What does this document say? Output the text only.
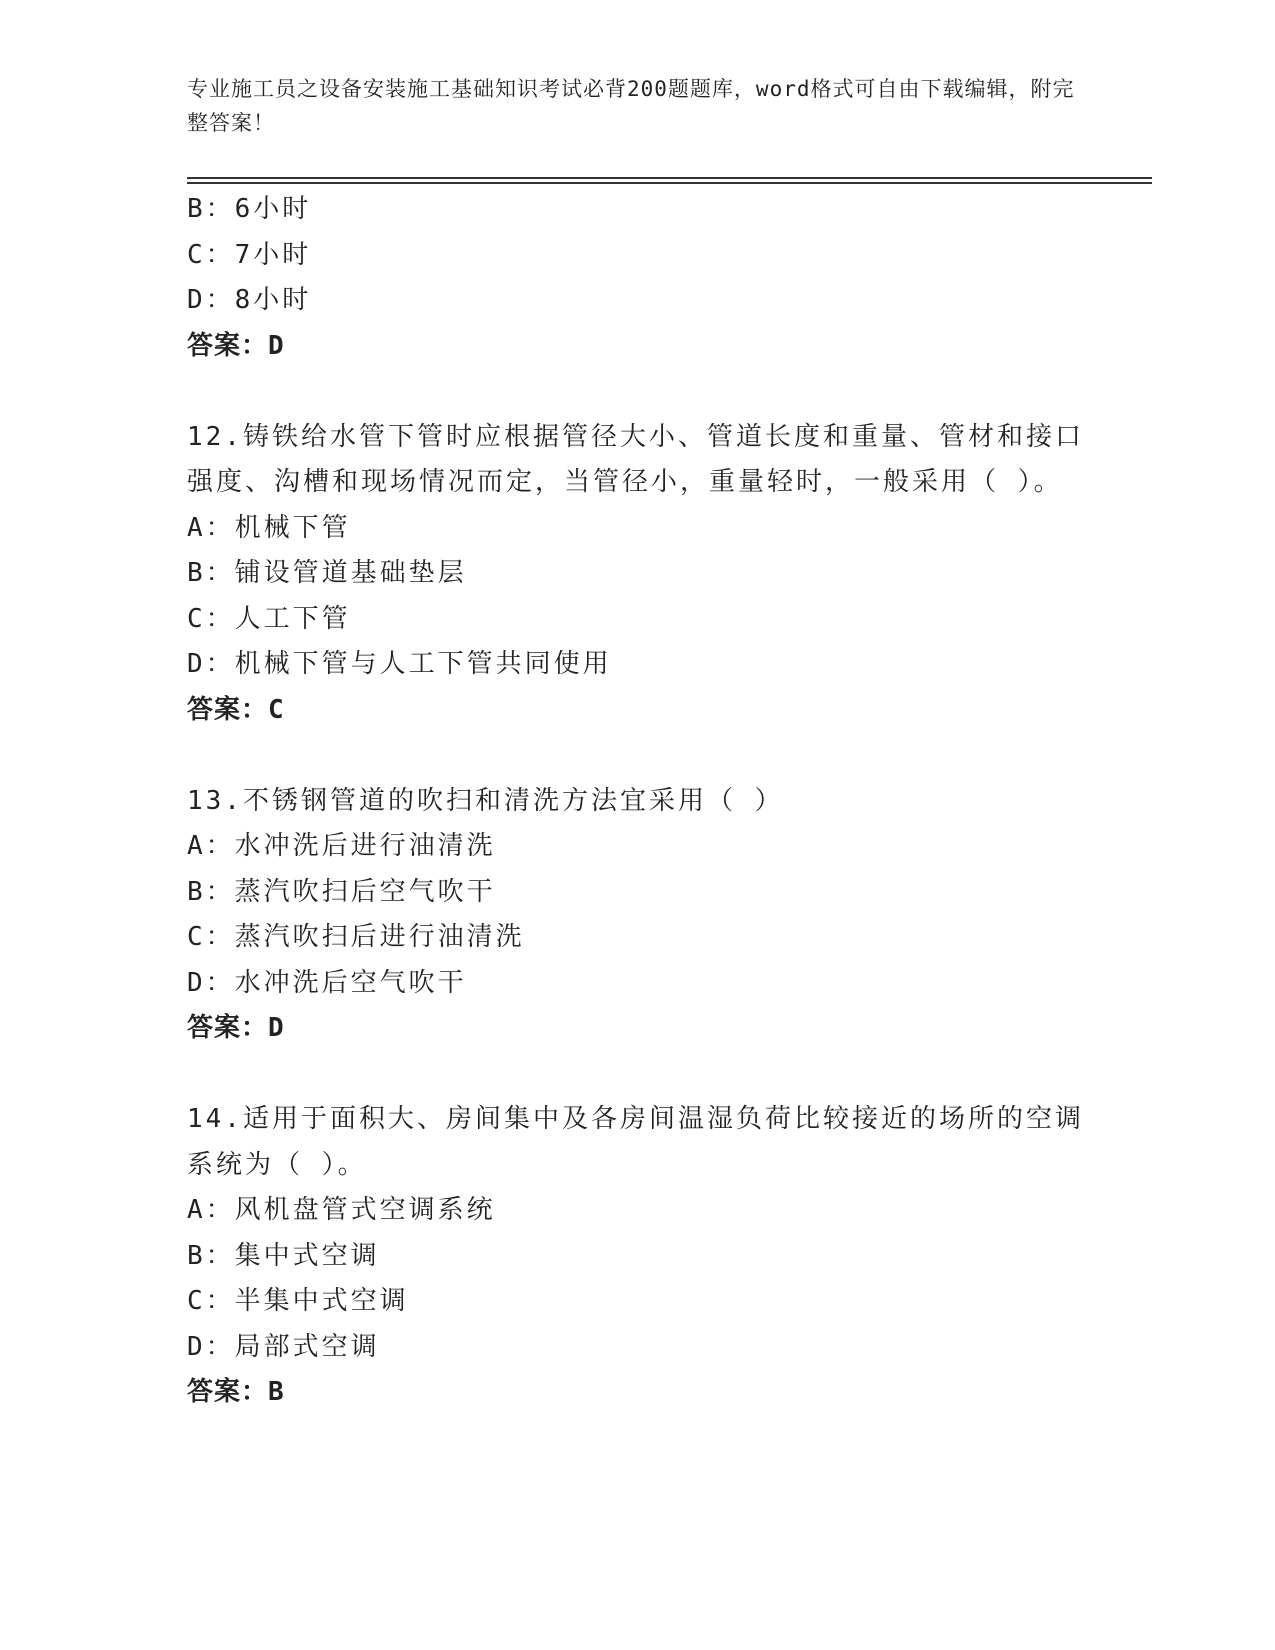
专业施工员之设备安装施工基础知识考试必背200题题库，word格式可自由下载编辑，附完整答案！
B：6小时
C：7小时
D：8小时
答案：D
12.铸铁给水管下管时应根据管径大小、管道长度和重量、管材和接口强度、沟槽和现场情况而定，当管径小，重量轻时，一般采用（ ）。
A：机械下管
B：铺设管道基础垫层
C：人工下管
D：机械下管与人工下管共同使用
答案：C
13.不锈钢管道的吹扫和清洗方法宜采用（ ）
A：水冲洗后进行油清洗
B：蒸汽吹扫后空气吹干
C：蒸汽吹扫后进行油清洗
D：水冲洗后空气吹干
答案：D
14.适用于面积大、房间集中及各房间温湿负荷比较接近的场所的空调系统为（ ）。
A：风机盘管式空调系统
B：集中式空调
C：半集中式空调
D：局部式空调
答案：B
